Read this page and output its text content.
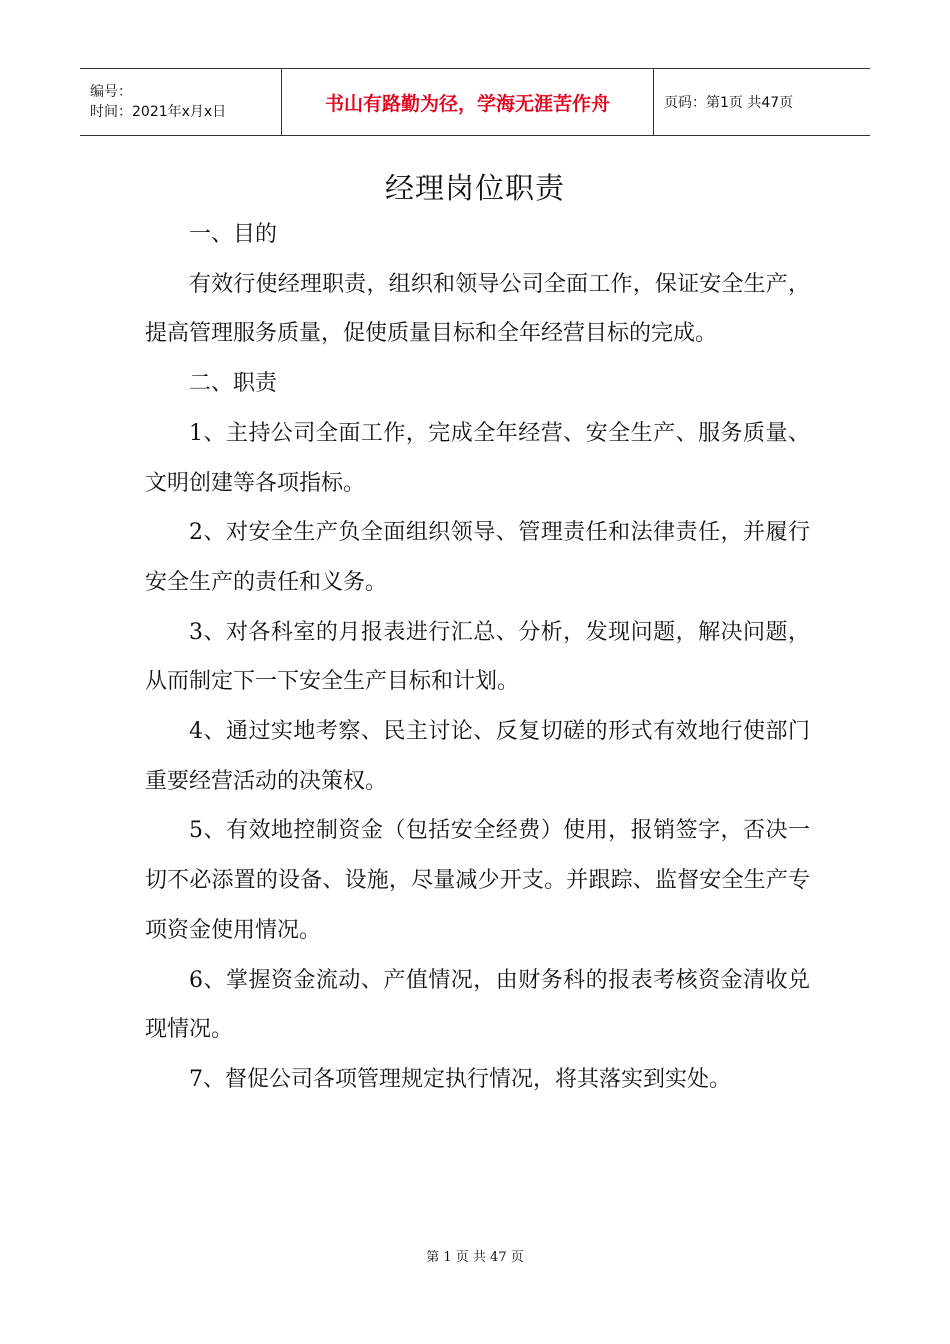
编号：
时间：2021年x月x日	书山有路勤为径，学海无涯苦作舟	页码：第1页 共47页
经理岗位职责

一、目的

有效行使经理职责，组织和领导公司全面工作，保证安全生产，提高管理服务质量，促使质量目标和全年经营目标的完成。

二、职责

1、主持公司全面工作，完成全年经营、安全生产、服务质量、文明创建等各项指标。

2、对安全生产负全面组织领导、管理责任和法律责任，并履行安全生产的责任和义务。

3、对各科室的月报表进行汇总、分析，发现问题，解决问题，从而制定下一下安全生产目标和计划。

4、通过实地考察、民主讨论、反复切磋的形式有效地行使部门重要经营活动的决策权。

5、有效地控制资金（包括安全经费）使用，报销签字，否决一切不必添置的设备、设施，尽量减少开支。并跟踪、监督安全生产专项资金使用情况。

6、掌握资金流动、产值情况，由财务科的报表考核资金清收兑现情况。

7、督促公司各项管理规定执行情况，将其落实到实处。

第 1 页 共 47 页
